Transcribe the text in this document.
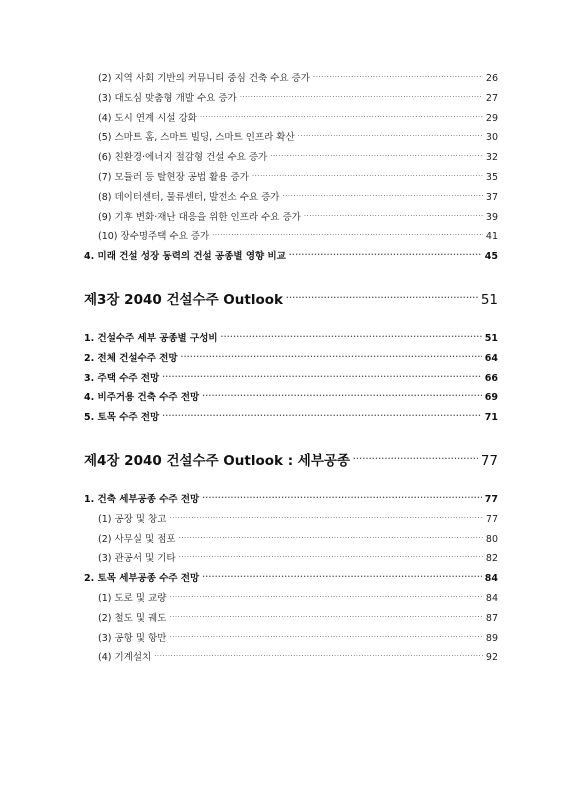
(2) 지역 사회 기반의 커뮤니티 중심 건축 수요 증가 ·····	26
(3) 대도심 맞춤형 개발 수요 증가 ·····	27
(4) 도시 연계 시설 강화 ·····	29
(5) 스마트 홈, 스마트 빌딩, 스마트 인프라 확산 ·····	30
(6) 친환경·에너지 절감형 건설 수요 증가 ·····	32
(7) 모듈러 등 탈현장 공법 활용 증가 ·····	35
(8) 데이터센터, 물류센터, 발전소 수요 증가 ·····	37
(9) 기후 변화·재난 대응을 위한 인프라 수요 증가 ·····	39
(10) 장수명주택 수요 증가 ·····	41
4. 미래 건설 성장 동력의 건설 공종별 영향 비교 ·····	45
제3장 2040 건설수주 Outlook ·····	51
1. 건설수주 세부 공종별 구성비 ·····	51
2. 전체 건설수주 전망 ·····	64
3. 주택 수주 전망 ·····	66
4. 비주거용 건축 수주 전망 ·····	69
5. 토목 수주 전망 ·····	71
제4장 2040 건설수주 Outlook : 세부공종 ·····	77
1. 건축 세부공종 수주 전망 ·····	77
(1) 공장 및 창고 ·····	77
(2) 사무실 및 점포 ·····	80
(3) 관공서 및 기타 ·····	82
2. 토목 세부공종 수주 전망 ·····	84
(1) 도로 및 교량 ·····	84
(2) 철도 및 궤도 ·····	87
(3) 공항 및 항만 ·····	89
(4) 기계설치 ·····	92
